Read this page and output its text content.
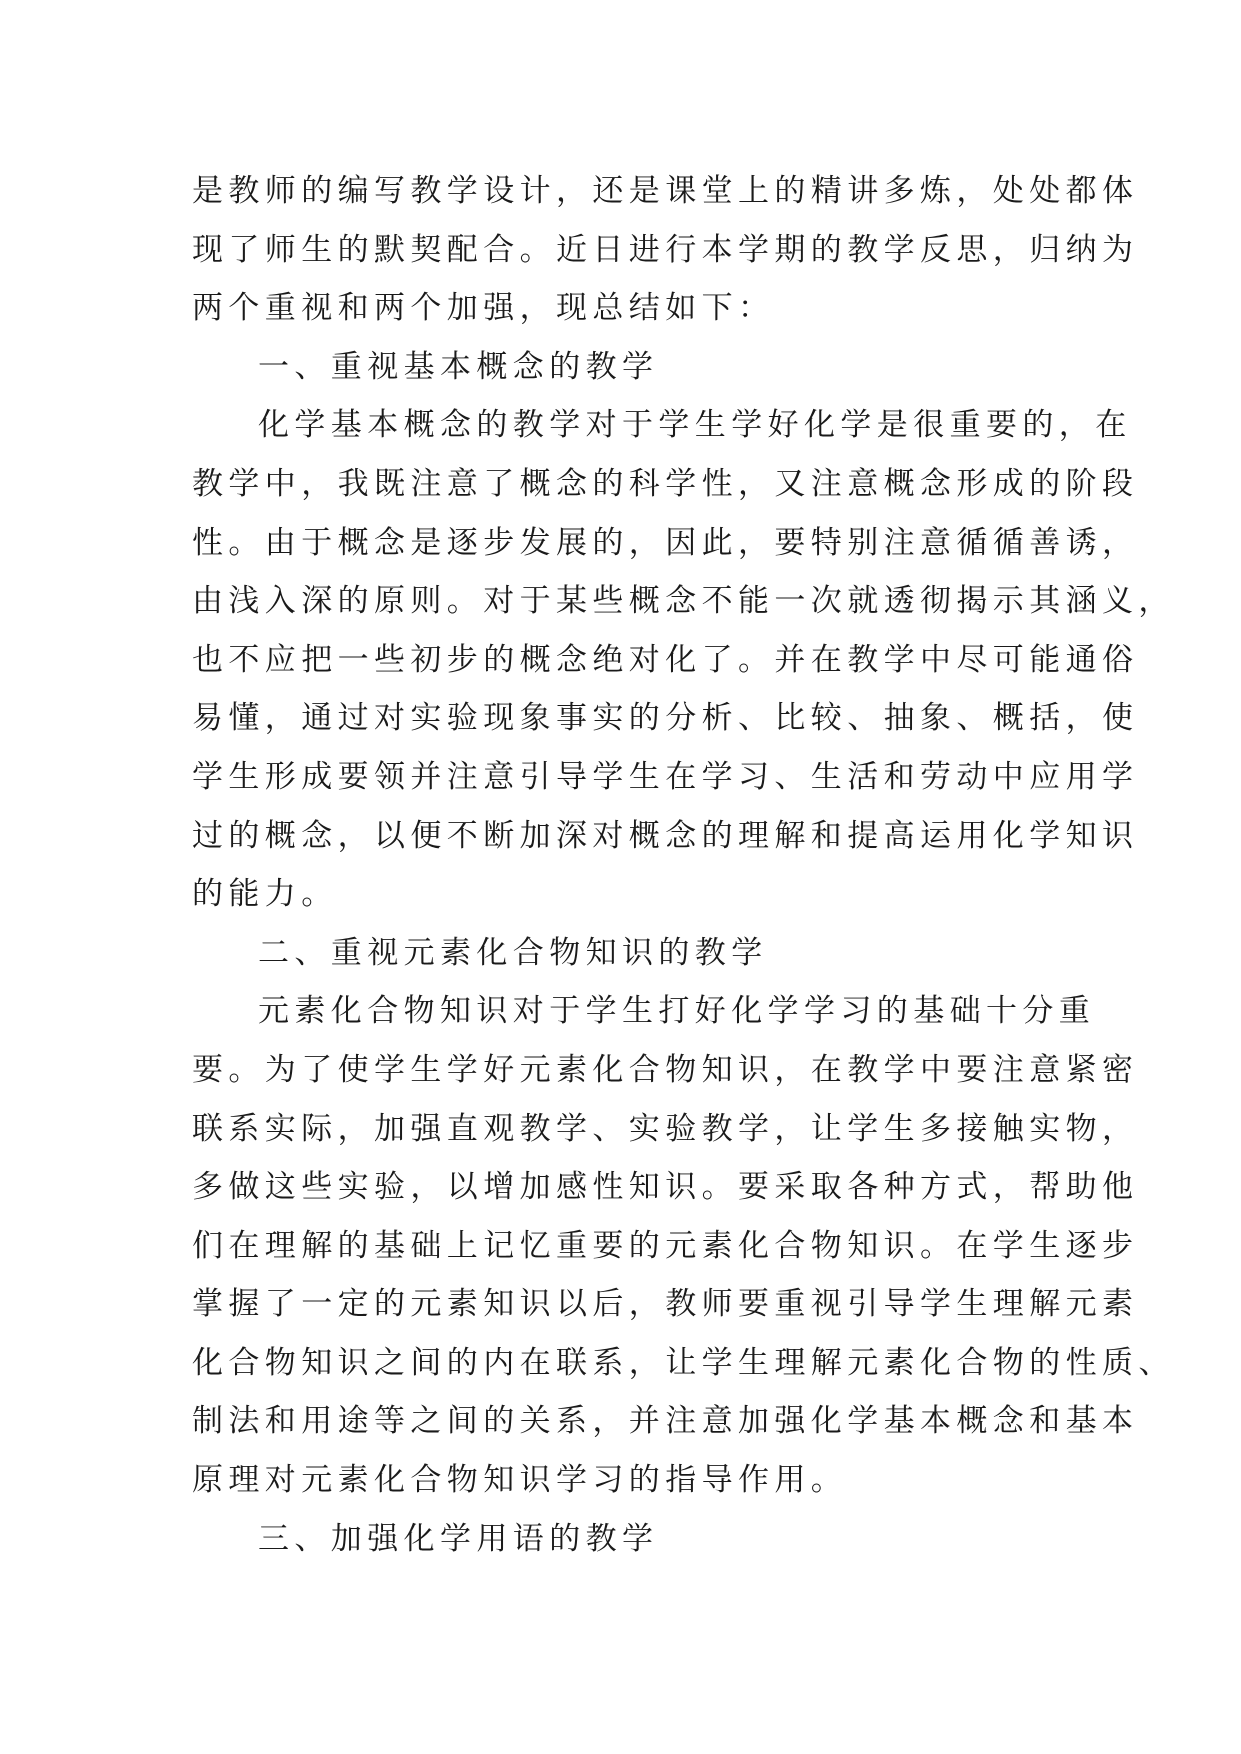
是教师的编写教学设计，还是课堂上的精讲多炼，处处都体
现了师生的默契配合。近日进行本学期的教学反思，归纳为
两个重视和两个加强，现总结如下：
一、重视基本概念的教学
化学基本概念的教学对于学生学好化学是很重要的，在
教学中，我既注意了概念的科学性，又注意概念形成的阶段
性。由于概念是逐步发展的，因此，要特别注意循循善诱，
由浅入深的原则。对于某些概念不能一次就透彻揭示其涵义，
也不应把一些初步的概念绝对化了。并在教学中尽可能通俗
易懂，通过对实验现象事实的分析、比较、抽象、概括，使
学生形成要领并注意引导学生在学习、生活和劳动中应用学
过的概念，以便不断加深对概念的理解和提高运用化学知识
的能力。
二、重视元素化合物知识的教学
元素化合物知识对于学生打好化学学习的基础十分重
要。为了使学生学好元素化合物知识，在教学中要注意紧密
联系实际，加强直观教学、实验教学，让学生多接触实物，
多做这些实验，以增加感性知识。要采取各种方式，帮助他
们在理解的基础上记忆重要的元素化合物知识。在学生逐步
掌握了一定的元素知识以后，教师要重视引导学生理解元素
化合物知识之间的内在联系，让学生理解元素化合物的性质、
制法和用途等之间的关系，并注意加强化学基本概念和基本
原理对元素化合物知识学习的指导作用。
三、加强化学用语的教学
